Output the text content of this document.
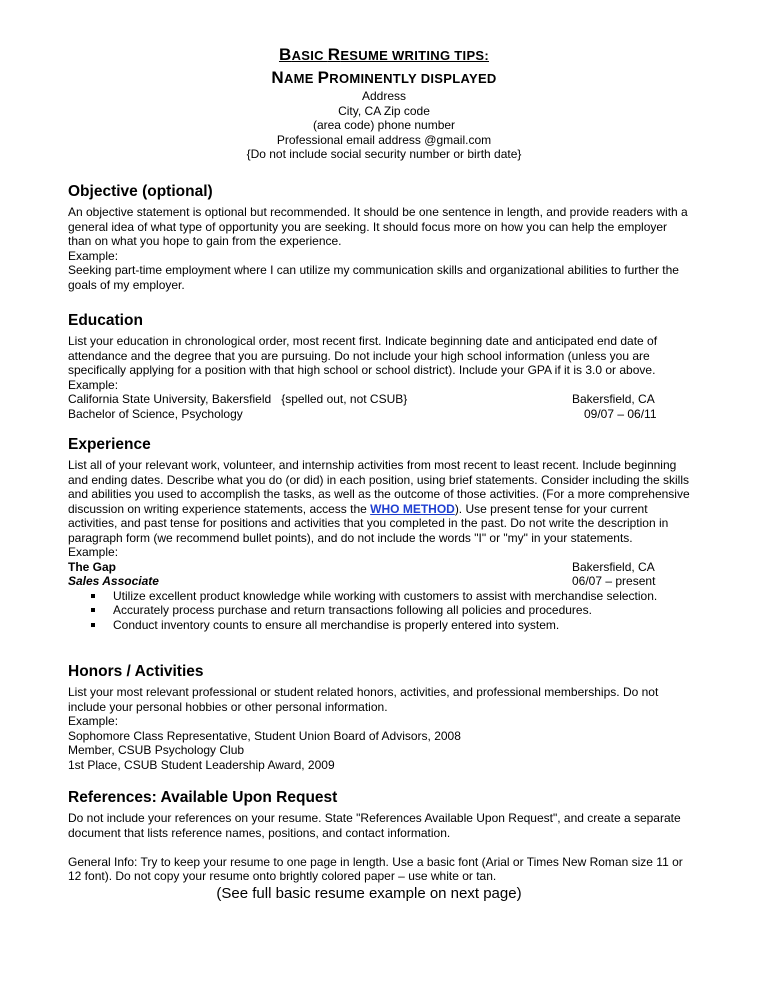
BASIC RESUME WRITING TIPS:
NAME PROMINENTLY DISPLAYED
Address
City, CA Zip code
(area code) phone number
Professional email address @gmail.com
{Do not include social security number or birth date}
Objective (optional)

An objective statement is optional but recommended. It should be one sentence in length, and provide readers with a general idea of what type of opportunity you are seeking. It should focus more on how you can help the employer than on what you hope to gain from the experience.

Example:

Seeking part-time employment where I can utilize my communication skills and organizational abilities to further the goals of my employer.

Education

List your education in chronological order, most recent first. Indicate beginning date and anticipated end date of attendance and the degree that you are pursuing. Do not include your high school information (unless you are specifically applying for a position with that high school or school district). Include your GPA if it is 3.0 or above.

Example:

California State University, Bakersfield   {spelled out, not CSUB}	Bakersfield, CA
Bachelor of Science, Psychology	09/07 – 06/11
Experience

List all of your relevant work, volunteer, and internship activities from most recent to least recent. Include beginning and ending dates. Describe what you do (or did) in each position, using brief statements. Consider including the skills and abilities you used to accomplish the tasks, as well as the outcome of those activities. (For a more comprehensive discussion on writing experience statements, access the WHO METHOD). Use present tense for your current activities, and past tense for positions and activities that you completed in the past. Do not write the description in paragraph form (we recommend bullet points), and do not include the words "I" or "my" in your statements.

Example:

The Gap	Bakersfield, CA
Sales Associate	06/07 – present
Utilize excellent product knowledge while working with customers to assist with merchandise selection.
Accurately process purchase and return transactions following all policies and procedures.
Conduct inventory counts to ensure all merchandise is properly entered into system.
Honors / Activities

List your most relevant professional or student related honors, activities, and professional memberships. Do not include your personal hobbies or other personal information.

Example:

Sophomore Class Representative, Student Union Board of Advisors, 2008

Member, CSUB Psychology Club

1st Place, CSUB Student Leadership Award, 2009

References: Available Upon Request

Do not include your references on your resume. State "References Available Upon Request", and create a separate document that lists reference names, positions, and contact information.

General Info: Try to keep your resume to one page in length. Use a basic font (Arial or Times New Roman size 11 or 12 font). Do not copy your resume onto brightly colored paper – use white or tan.

(See full basic resume example on next page)
